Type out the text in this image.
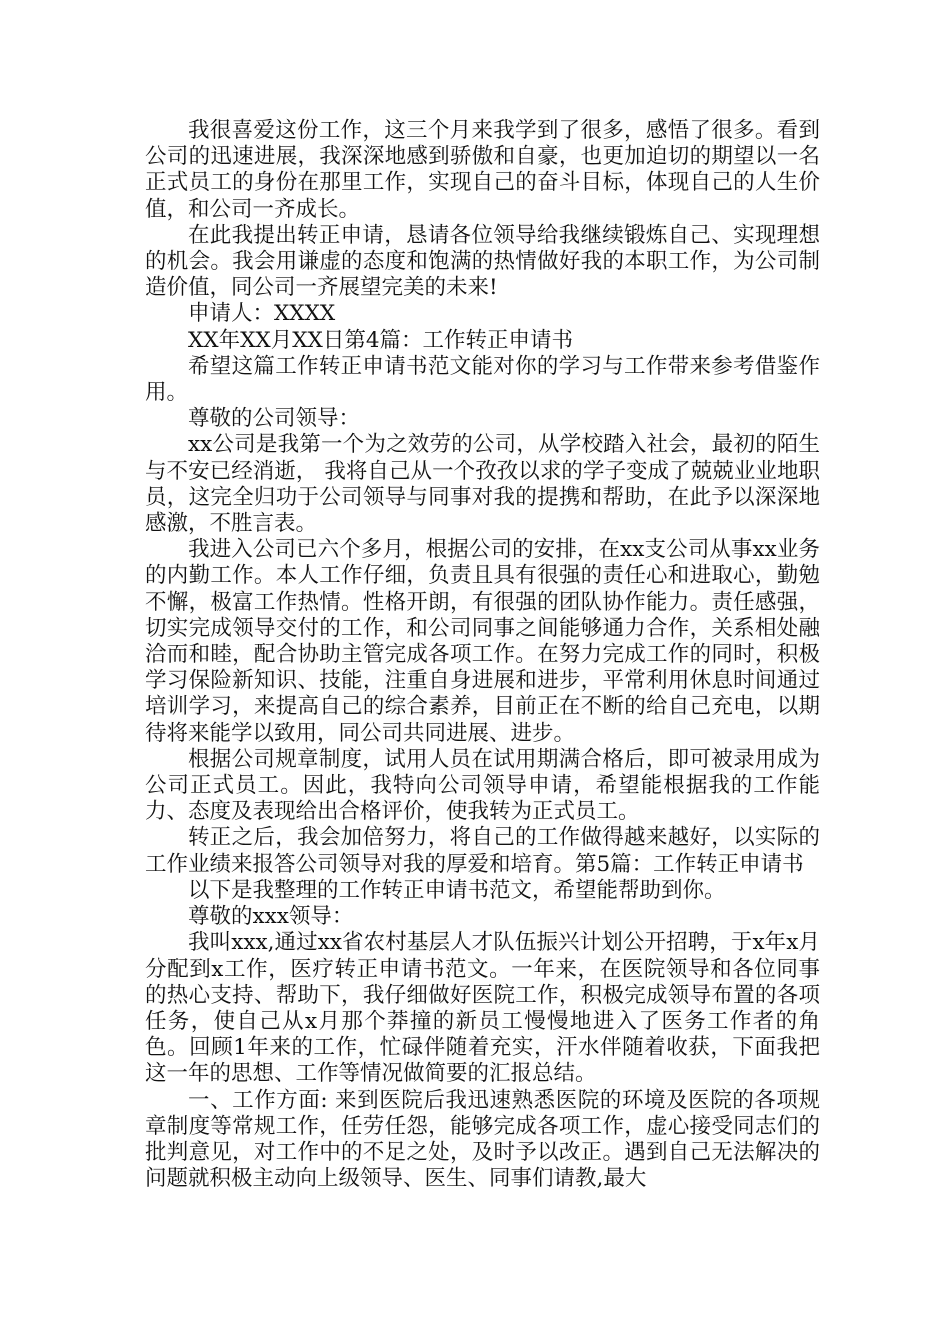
我很喜爱这份工作，这三个月来我学到了很多，感悟了很多。看到公司的迅速进展，我深深地感到骄傲和自豪，也更加迫切的期望以一名正式员工的身份在那里工作，实现自己的奋斗目标，体现自己的人生价值，和公司一齐成长。

在此我提出转正申请，恳请各位领导给我继续锻炼自己、实现理想的机会。我会用谦虚的态度和饱满的热情做好我的本职工作，为公司制造价值，同公司一齐展望完美的未来!

申请人：XXXX

XX年XX月XX日第4篇：工作转正申请书

希望这篇工作转正申请书范文能对你的学习与工作带来参考借鉴作用。

尊敬的公司领导：

xx公司是我第一个为之效劳的公司，从学校踏入社会，最初的陌生与不安已经消逝， 我将自己从一个孜孜以求的学子变成了兢兢业业地职员，这完全归功于公司领导与同事对我的提携和帮助，在此予以深深地感激，不胜言表。

我进入公司已六个多月，根据公司的安排，在xx支公司从事xx业务的内勤工作。本人工作仔细，负责且具有很强的责任心和进取心，勤勉不懈，极富工作热情。性格开朗，有很强的团队协作能力。责任感强，切实完成领导交付的工作，和公司同事之间能够通力合作，关系相处融洽而和睦，配合协助主管完成各项工作。在努力完成工作的同时，积极学习保险新知识、技能，注重自身进展和进步，平常利用休息时间通过培训学习，来提高自己的综合素养，目前正在不断的给自己充电，以期待将来能学以致用，同公司共同进展、进步。

根据公司规章制度，试用人员在试用期满合格后，即可被录用成为公司正式员工。因此，我特向公司领导申请，希望能根据我的工作能力、态度及表现给出合格评价，使我转为正式员工。

转正之后，我会加倍努力，将自己的工作做得越来越好，以实际的工作业绩来报答公司领导对我的厚爱和培育。第5篇：工作转正申请书

以下是我整理的工作转正申请书范文，希望能帮助到你。

尊敬的xxx领导：

我叫xxx,通过xx省农村基层人才队伍振兴计划公开招聘，于x年x月分配到x工作，医疗转正申请书范文。一年来，在医院领导和各位同事的热心支持、帮助下，我仔细做好医院工作，积极完成领导布置的各项任务，使自己从x月那个莽撞的新员工慢慢地进入了医务工作者的角色。回顾1年来的工作，忙碌伴随着充实，汗水伴随着收获，下面我把这一年的思想、工作等情况做简要的汇报总结。

一、工作方面: 来到医院后我迅速熟悉医院的环境及医院的各项规章制度等常规工作，任劳任怨，能够完成各项工作，虚心接受同志们的批判意见，对工作中的不足之处，及时予以改正。遇到自己无法解决的问题就积极主动向上级领导、医生、同事们请教,最大
